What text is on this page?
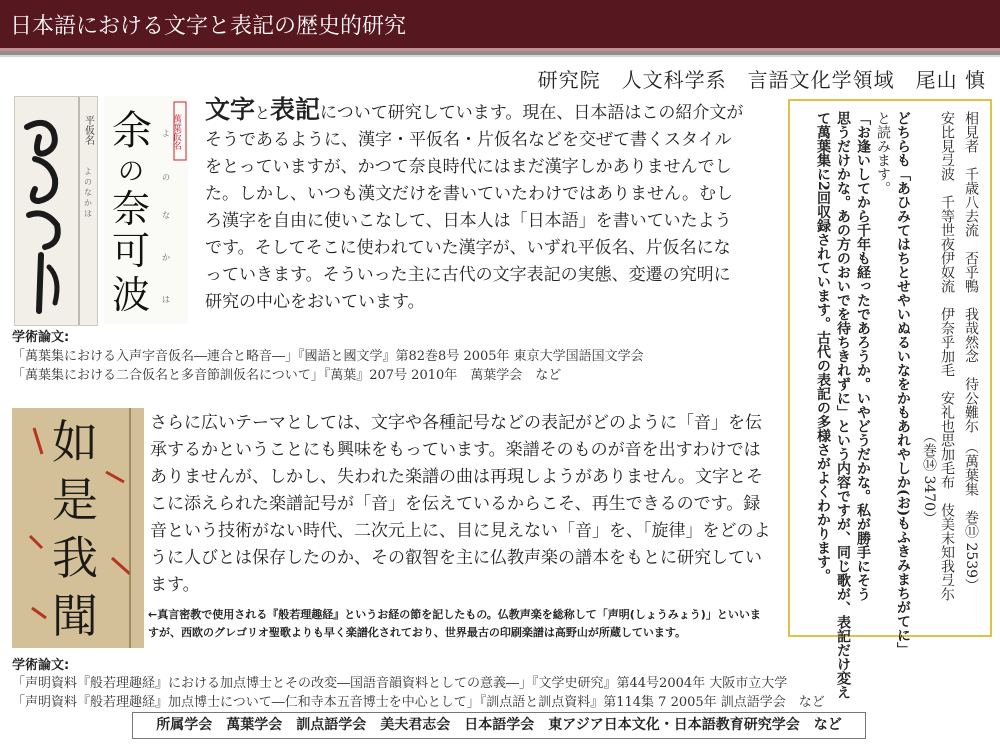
日本語における文字と表記の歴史的研究
研究院　人文科学系　言語文化学領域　尾山 慎
平仮名
よ の な か は
萬葉仮名
余
の
奈
可
波
よ
の
な
か
は

文字と表記について研究しています。現在、日本語はこの紹介文がそうであるように、漢字・平仮名・片仮名などを交ぜて書くスタイルをとっていますが、かつて奈良時代にはまだ漢字しかありませんでした。しかし、いつも漢文だけを書いていたわけではありません。むしろ漢字を自由に使いこなして、日本人は「日本語」を書いていたようです。そしてそこに使われていた漢字が、いずれ平仮名、片仮名になっていきます。そういった主に古代の文字表記の実態、変遷の究明に研究の中心をおいています。

学術論文:
「萬葉集における入声字音仮名―連合と略音―」『國語と國文学』第82巻8号 2005年 東京大学国語国文学会
「萬葉集における二合仮名と多音節訓仮名について」『萬葉』207号 2010年　萬葉学会　など
如
是
我
聞

さらに広いテーマとしては、文字や各種記号などの表記がどのように「音」を伝承するかということにも興味をもっています。楽譜そのものが音を出すわけではありませんが、しかし、失われた楽譜の曲は再現しようがありません。文字とそこに添えられた楽譜記号が「音」を伝えているからこそ、再生できるのです。録音という技術がない時代、二次元上に、目に見えない「音」を、「旋律」をどのように人びとは保存したのか、その叡智を主に仏教声楽の譜本をもとに研究しています。

←真言密教で使用される『般若理趣経』というお経の節を記したもの。仏教声楽を総称して「声明(しょうみょう)」といいますが、西欧のグレゴリオ聖歌よりも早く楽譜化されており、世界最古の印刷楽譜は高野山が所蔵しています。

学術論文:
「声明資料『般若理趣経』における加点博士とその改変―国語音韻資料としての意義―」『文学史研究』第44号2004年 大阪市立大学
「声明資料『般若理趣経』加点博士について―仁和寺本五音博士を中心として」『訓点語と訓点資料』第114集 7 2005年 訓点語学会　など
相見者　千歳八去流　否乎鴨　我哉然念　待公難尓　（萬葉集　巻⑪ 2539）
安比見弖波　千等世夜伊奴流　伊奈乎加毛　安礼也思加毛布　伎美末知我弖尓
（巻⑭ 3470）
どちらも「あひみてはちとせやいぬるいなをかもあれやしか(お)もふきみまちがてに」
と読みます。
「お逢いしてから千年も経ったであろうか。いやどうだかな。私が勝手にそう
思うだけかな。あの方のおいでを待ちきれずに」という内容ですが、同じ歌が、表記だけ変え
て萬葉集に2回収録されています。古代の表記の多様さがよくわかります。
所属学会　萬葉学会　訓点語学会　美夫君志会　日本語学会　東アジア日本文化・日本語教育研究学会　など
